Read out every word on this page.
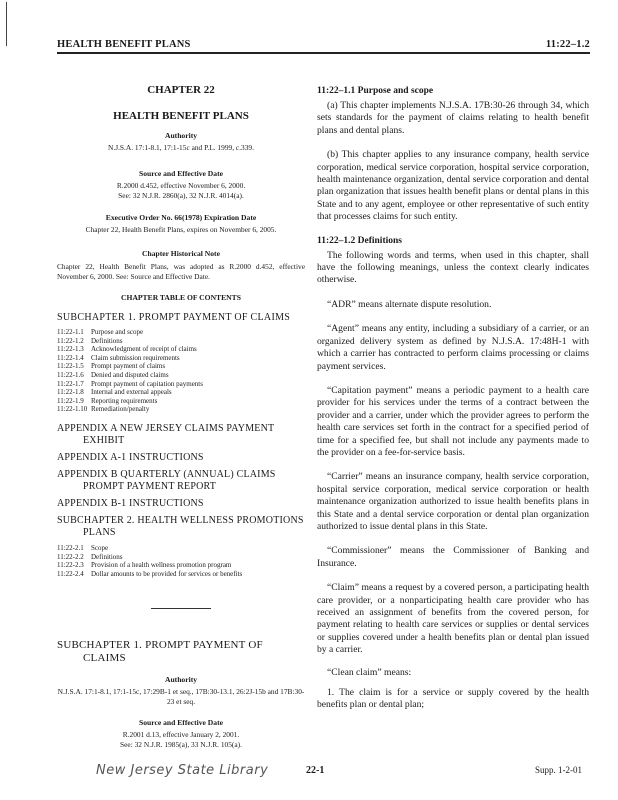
HEALTH BENEFIT PLANS	11:22–1.2
CHAPTER 22
HEALTH BENEFIT PLANS
Authority
N.J.S.A. 17:1-8.1, 17:1-15c and P.L. 1999, c.339.
Source and Effective Date
R.2000 d.452, effective November 6, 2000.
See: 32 N.J.R. 2860(a), 32 N.J.R. 4014(a).
Executive Order No. 66(1978) Expiration Date
Chapter 22, Health Benefit Plans, expires on November 6, 2005.
Chapter Historical Note
Chapter 22, Health Benefit Plans, was adopted as R.2000 d.452, effective November 6, 2000. See: Source and Effective Date.
CHAPTER TABLE OF CONTENTS
SUBCHAPTER 1. PROMPT PAYMENT OF CLAIMS
11:22-1.1	Purpose and scope
11:22-1.2	Definitions
11:22-1.3	Acknowledgment of receipt of claims
11:22-1.4	Claim submission requirements
11:22-1.5	Prompt payment of claims
11:22-1.6	Denied and disputed claims
11:22-1.7	Prompt payment of capitation payments
11:22-1.8	Internal and external appeals
11:22-1.9	Reporting requirements
11:22-1.10 Remediation/penalty
APPENDIX A NEW JERSEY CLAIMS PAYMENT
EXHIBIT
APPENDIX A-1 INSTRUCTIONS
APPENDIX B QUARTERLY (ANNUAL) CLAIMS
PROMPT PAYMENT REPORT
APPENDIX B-1 INSTRUCTIONS
SUBCHAPTER 2. HEALTH WELLNESS PROMOTIONS
PLANS
11:22-2.1	Scope
11:22-2.2	Definitions
11:22-2.3	Provision of a health wellness promotion program
11:22-2.4	Dollar amounts to be provided for services or benefits
SUBCHAPTER 1. PROMPT PAYMENT OF
CLAIMS
Authority
N.J.S.A. 17:1-8.1, 17:1-15c, 17:29B-1 et seq., 17B:30-13.1, 26:2J-15b and 17B:30-23 et seq.
Source and Effective Date
R.2001 d.13, effective January 2, 2001.
See: 32 N.J.R. 1985(a), 33 N.J.R. 105(a).
11:22–1.1 Purpose and scope
(a) This chapter implements N.J.S.A. 17B:30-26 through 34, which sets standards for the payment of claims relating to health benefit plans and dental plans.
(b) This chapter applies to any insurance company, health service corporation, medical service corporation, hospital service corporation, health maintenance organization, dental service corporation and dental plan organization that issues health benefit plans or dental plans in this State and to any agent, employee or other representative of such entity that processes claims for such entity.
11:22–1.2 Definitions
The following words and terms, when used in this chapter, shall have the following meanings, unless the context clearly indicates otherwise.
“ADR” means alternate dispute resolution.
“Agent” means any entity, including a subsidiary of a carrier, or an organized delivery system as defined by N.J.S.A. 17:48H-1 with which a carrier has contracted to perform claims processing or claims payment services.
“Capitation payment” means a periodic payment to a health care provider for his services under the terms of a contract between the provider and a carrier, under which the provider agrees to perform the health care services set forth in the contract for a specified period of time for a specified fee, but shall not include any payments made to the provider on a fee-for-service basis.
“Carrier” means an insurance company, health service corporation, hospital service corporation, medical service corporation or health maintenance organization authorized to issue health benefits plans in this State and a dental service corporation or dental plan organization authorized to issue dental plans in this State.
“Commissioner” means the Commissioner of Banking and Insurance.
“Claim” means a request by a covered person, a participating health care provider, or a nonparticipating health care provider who has received an assignment of benefits from the covered person, for payment relating to health care services or supplies or dental services or supplies covered under a health benefits plan or dental plan issued by a carrier.
“Clean claim” means:
1. The claim is for a service or supply covered by the health benefits plan or dental plan;
New Jersey State Library	22-1	Supp. 1-2-01
